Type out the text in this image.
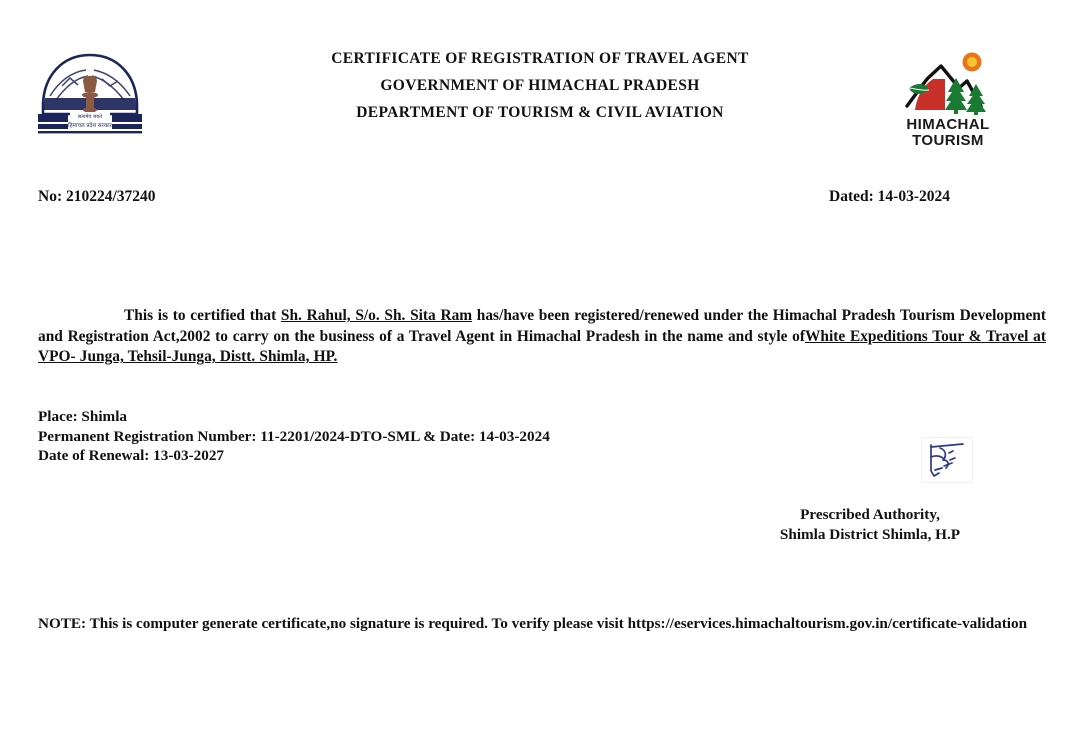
सत्यमेव जयते
हिमाचल प्रदेश सरकार
CERTIFICATE OF REGISTRATION OF TRAVEL AGENT
GOVERNMENT OF HIMACHAL PRADESH
DEPARTMENT OF TOURISM & CIVIL AVIATION
HIMACHAL
TOURISM
No: 210224/37240	Dated: 14-03-2024

This is to certified that Sh. Rahul, S/o. Sh. Sita Ram has/have been registered/renewed under the Himachal Pradesh Tourism Development and Registration Act,2002 to carry on the business of a Travel Agent in Himachal Pradesh in the name and style ofWhite Expeditions Tour & Travel at VPO- Junga, Tehsil-Junga, Distt. Shimla, HP.

Place: Shimla
Permanent Registration Number: 11-2201/2024-DTO-SML & Date: 14-03-2024
Date of Renewal: 13-03-2027
Prescribed Authority,
Shimla District Shimla, H.P
NOTE: This is computer generate certificate,no signature is required. To verify please visit https://eservices.himachaltourism.gov.in/certificate-validation
